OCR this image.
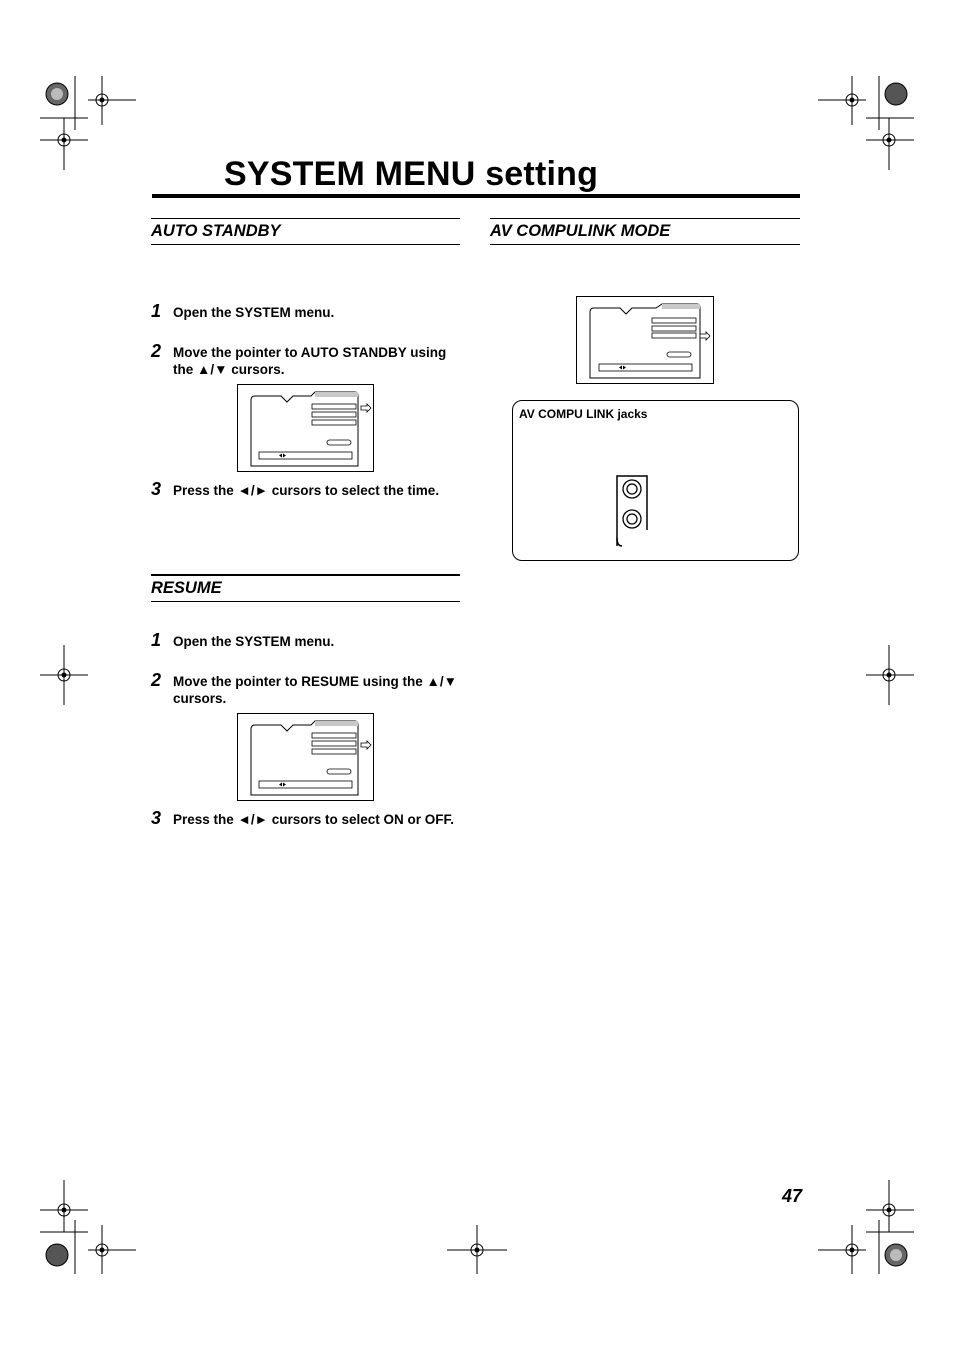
SYSTEM MENU setting
AUTO STANDBY
1 Open the SYSTEM menu.
2 Move the pointer to AUTO STANDBY using the ▲/▼ cursors.
3 Press the ◄/► cursors to select the time.
RESUME
1 Open the SYSTEM menu.
2 Move the pointer to RESUME using the ▲/▼ cursors.
3 Press the ◄/► cursors to select ON or OFF.
AV COMPULINK MODE
AV COMPU LINK jacks
47
